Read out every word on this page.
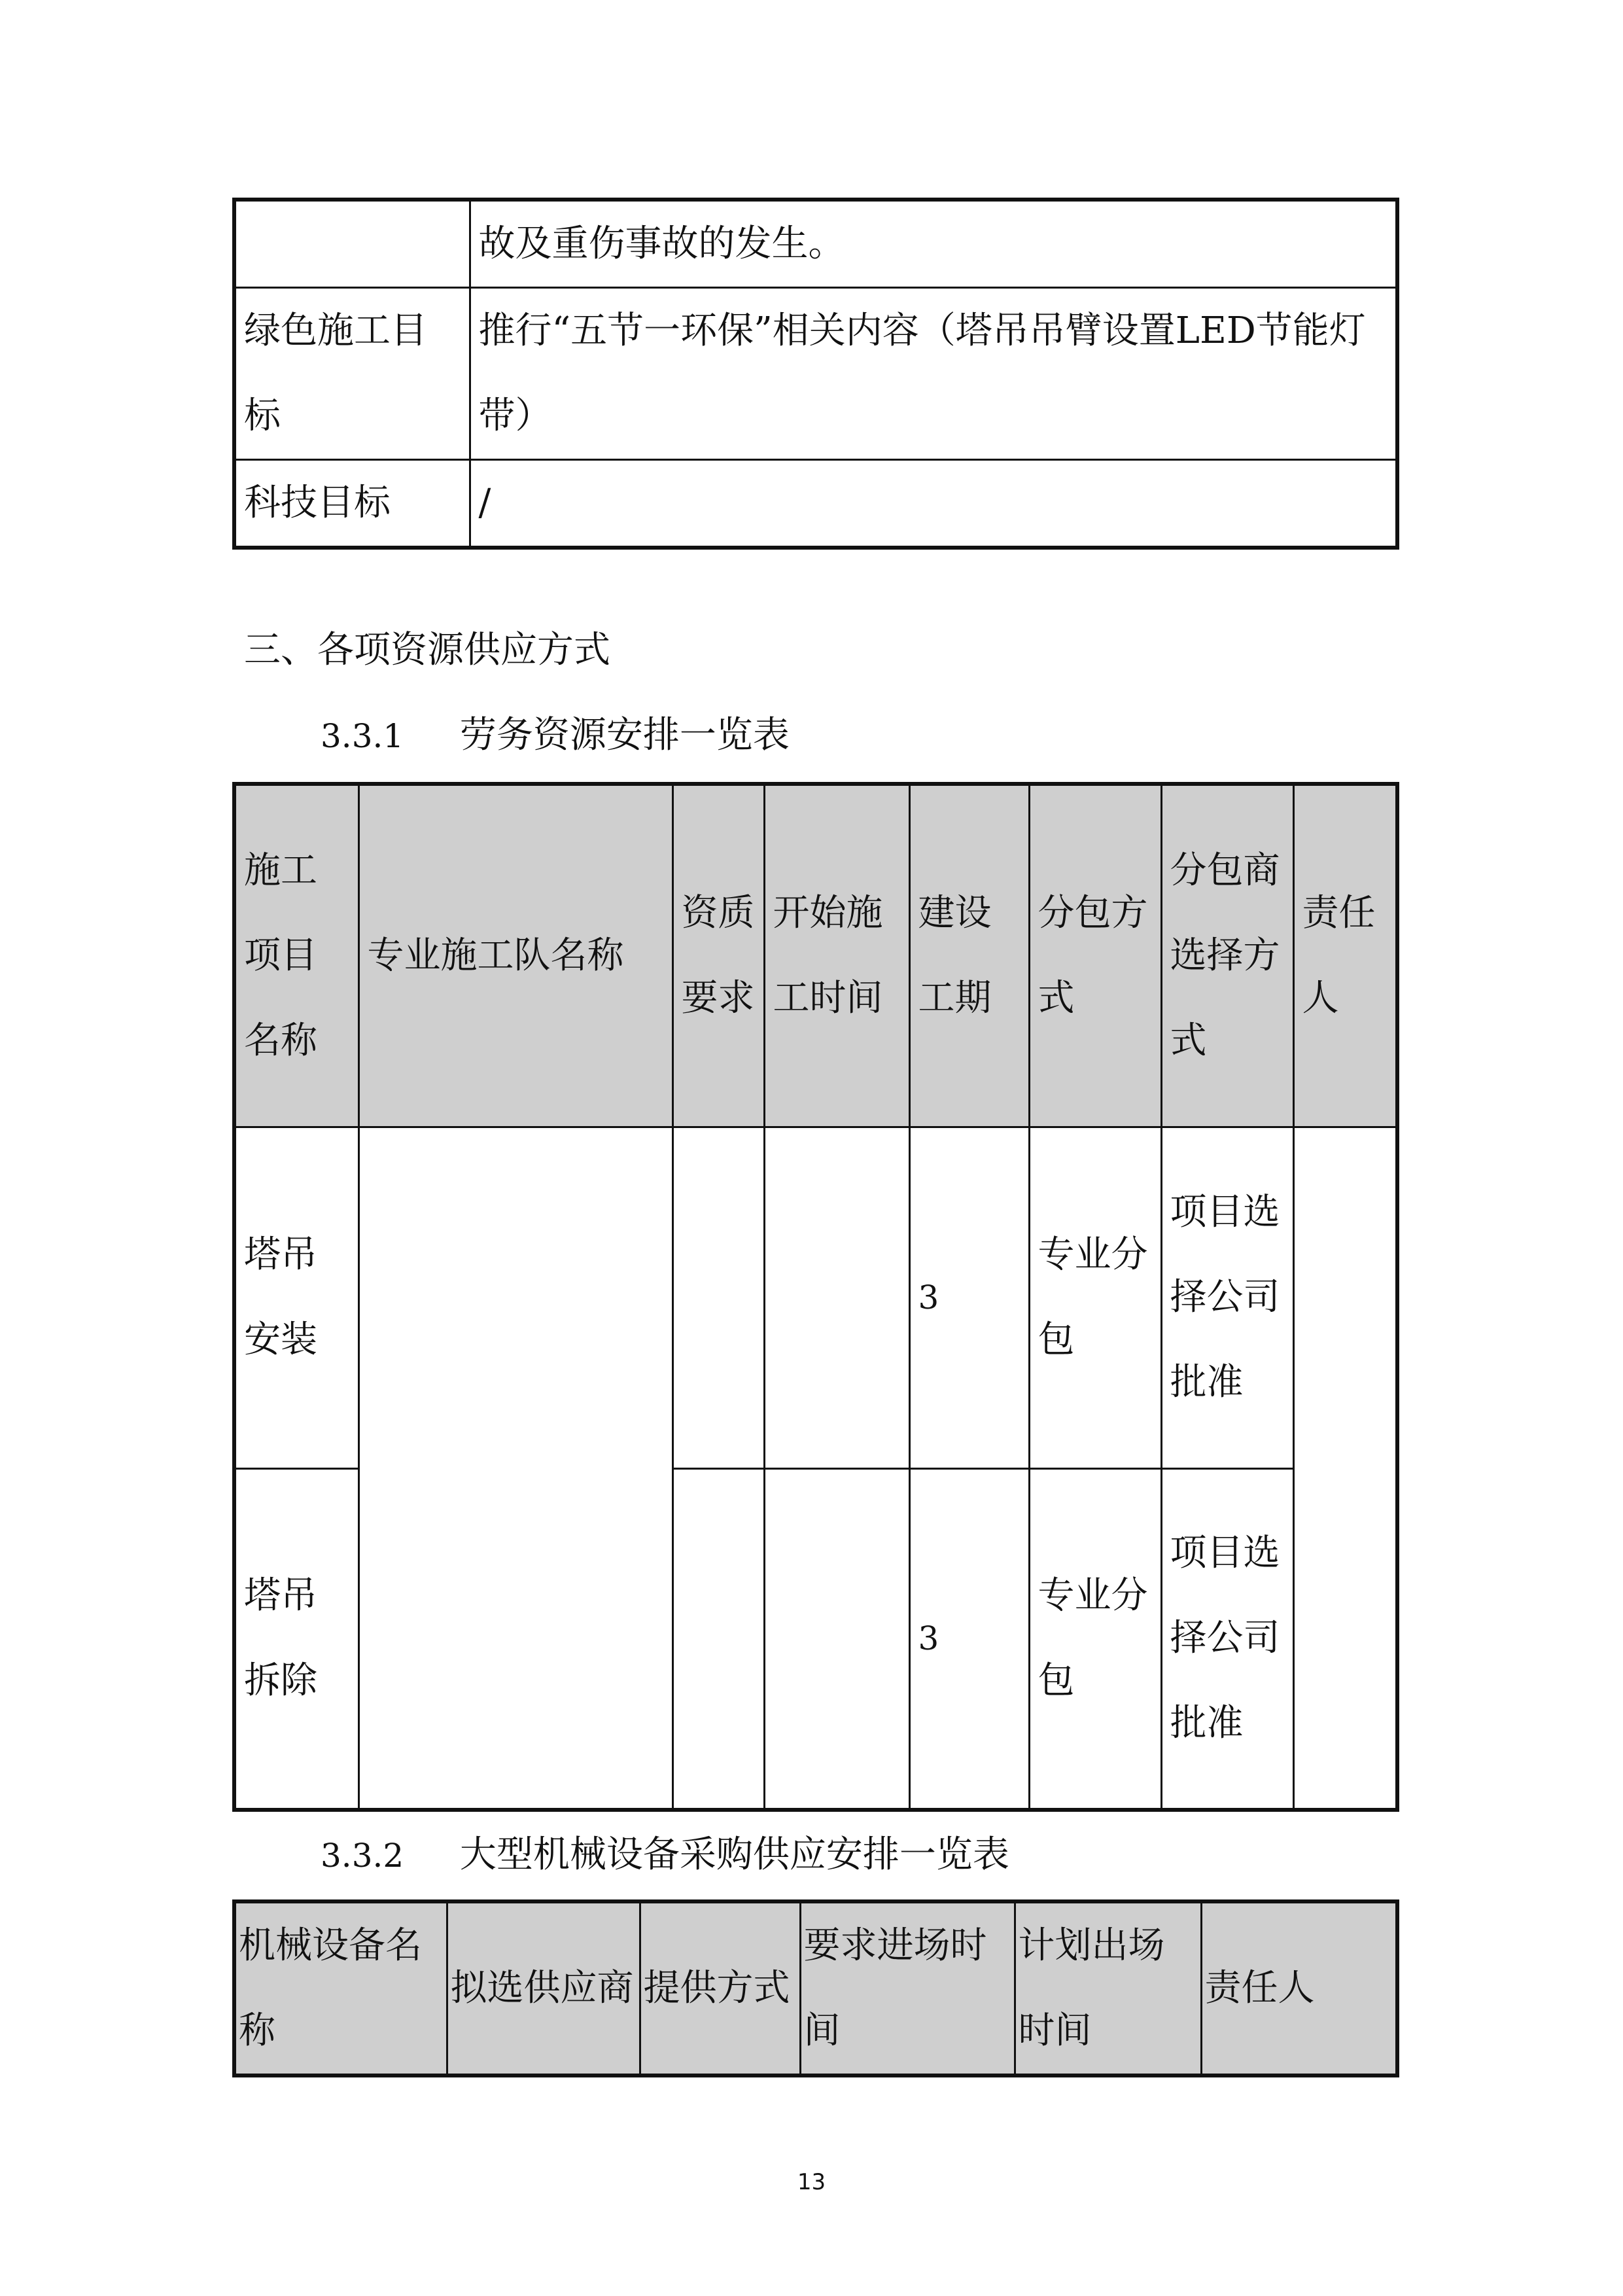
	故及重伤事故的发生。
绿色施工目标	推行“五节一环保”相关内容（塔吊吊臂设置LED节能灯带）
科技目标	/
三、各项资源供应方式
3.3.1 劳务资源安排一览表
施工项目名称	专业施工队名称	资质要求	开始施工时间	建设工期	分包方式	分包商选择方式	责任人
塔吊安装				3	专业分包	项目选择公司批准	
塔吊拆除				3	专业分包	项目选择公司批准	
3.3.2 大型机械设备采购供应安排一览表
机械设备名称	拟选供应商	提供方式	要求进场时间	计划出场时间	责任人
13
